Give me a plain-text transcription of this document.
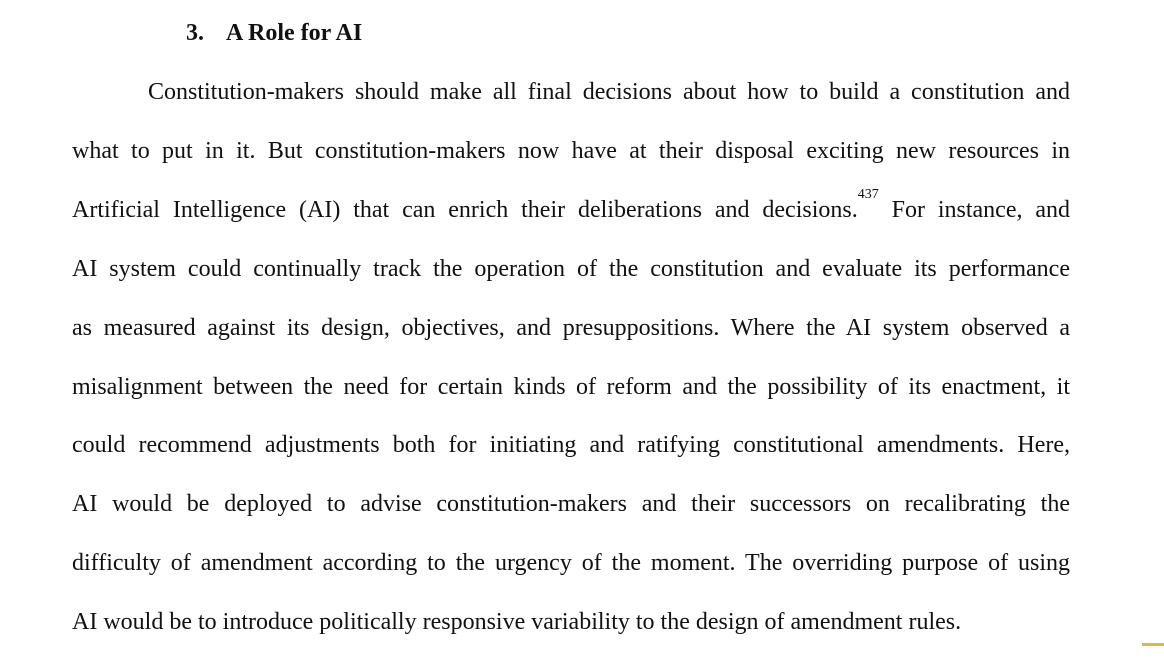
3. A Role for AI
Constitution-makers should make all final decisions about how to build a constitution and
what to put in it. But constitution-makers now have at their disposal exciting new resources in
Artificial Intelligence (AI) that can enrich their deliberations and decisions.$^{437}$ For instance, and
AI system could continually track the operation of the constitution and evaluate its performance
as measured against its design, objectives, and presuppositions. Where the AI system observed a
misalignment between the need for certain kinds of reform and the possibility of its enactment, it
could recommend adjustments both for initiating and ratifying constitutional amendments. Here,
AI would be deployed to advise constitution-makers and their successors on recalibrating the
difficulty of amendment according to the urgency of the moment. The overriding purpose of using
AI would be to introduce politically responsive variability to the design of amendment rules.
